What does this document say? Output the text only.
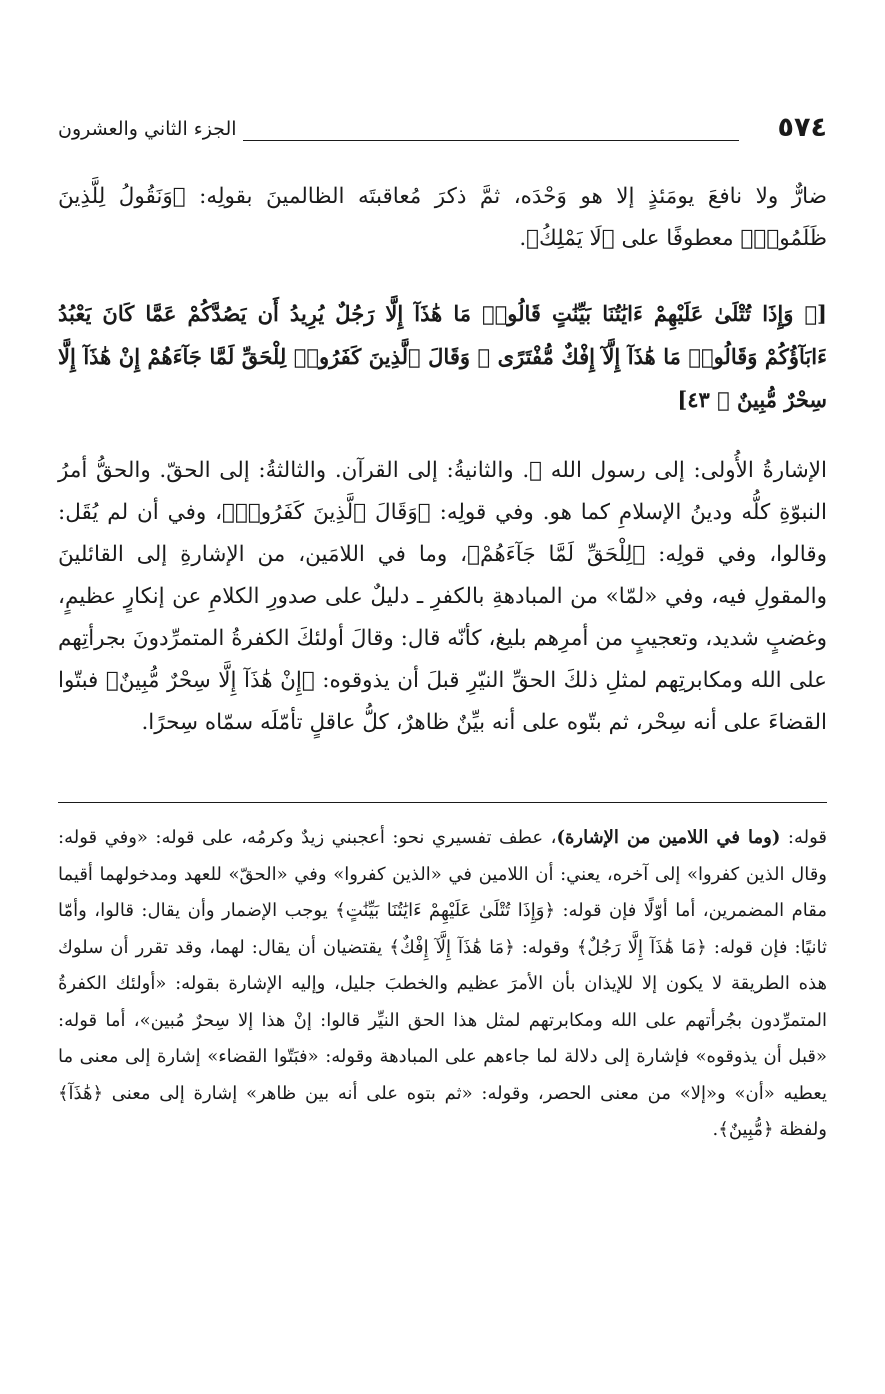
٥٧٤
الجزء الثاني والعشرون

ضارٌّ ولا نافعَ يومَئذٍ إلا هو وَحْدَه، ثمَّ ذكرَ مُعاقبتَه الظالمينَ بقولِه: ﴿وَنَقُولُ لِلَّذِينَ ظَلَمُوا۟﴾ معطوفًا على ﴿لَا يَمْلِكُ﴾.

[﴿ وَإِذَا تُتْلَىٰ عَلَيْهِمْ ءَايَٰتُنَا بَيِّنَٰتٍ قَالُوا۟ مَا هَٰذَآ إِلَّا رَجُلٌ يُرِيدُ أَن يَصُدَّكُمْ عَمَّا كَانَ يَعْبُدُ ءَابَآؤُكُمْ وَقَالُوا۟ مَا هَٰذَآ إِلَّآ إِفْكٌ مُّفْتَرًى ۚ وَقَالَ ٱلَّذِينَ كَفَرُوا۟ لِلْحَقِّ لَمَّا جَآءَهُمْ إِنْ هَٰذَآ إِلَّا سِحْرٌ مُّبِينٌ ﴾ ٤٣]

الإشارةُ الأُولى: إلى رسول الله ﷺ. والثانيةُ: إلى القرآن. والثالثةُ: إلى الحقّ. والحقُّ أمرُ النبوّةِ كلُّه ودينُ الإسلامِ كما هو. وفي قولِه: ﴿وَقَالَ ٱلَّذِينَ كَفَرُوا۟﴾، وفي أن لم يُقَل: وقالوا، وفي قولِه: ﴿لِلْحَقِّ لَمَّا جَآءَهُمْ﴾، وما في اللامَين، من الإشارةِ إلى القائلينَ والمقولِ فيه، وفي «لمّا» من المبادهةِ بالكفرِ ـ دليلٌ على صدورِ الكلامِ عن إنكارٍ عظيمٍ، وغضبٍ شديد، وتعجيبٍ من أمرِهم بليغ، كأنّه قال: وقالَ أولئكَ الكفرةُ المتمرِّدونَ بجرأتِهم على الله ومكابرتِهم لمثلِ ذلكَ الحقِّ النيّرِ قبلَ أن يذوقوه: ﴿إِنْ هَٰذَآ إِلَّا سِحْرٌ مُّبِينٌ﴾ فبتّوا القضاءَ على أنه سِحْر، ثم بتّوه على أنه بيِّنٌ ظاهرٌ، كلُّ عاقلٍ تأمّلَه سمّاه سِحرًا.

قوله: (وما في اللامين من الإشارة)، عطف تفسيري نحو: أعجبني زيدٌ وكرمُه، على قوله: «وفي قوله: وقال الذين كفروا» إلى آخره، يعني: أن اللامين في «الذين كفروا» وفي «الحقّ» للعهد ومدخولهما أقيما مقام المضمرين، أما أوّلًا فإن قوله: ﴿وَإِذَا تُتْلَىٰ عَلَيْهِمْ ءَايَٰتُنَا بَيِّنَٰتٍ﴾ يوجب الإضمار وأن يقال: قالوا، وأمّا ثانيًا: فإن قوله: ﴿مَا هَٰذَآ إِلَّا رَجُلٌ﴾ وقوله: ﴿مَا هَٰذَآ إِلَّآ إِفْكٌ﴾ يقتضيان أن يقال: لهما، وقد تقرر أن سلوك هذه الطريقة لا يكون إلا للإيذان بأن الأمرَ عظيم والخطبَ جليل، وإليه الإشارة بقوله: «أولئك الكفرةُ المتمرِّدون بجُرأتهم على الله ومكابرتهم لمثل هذا الحق النيِّر قالوا: إنْ هذا إلا سِحرٌ مُبين»، أما قوله: «قبل أن يذوقوه» فإشارة إلى دلالة لما جاءهم على المبادهة وقوله: «فبَتّوا القضاء» إشارة إلى معنى ما يعطيه «أن» و«إلا» من معنى الحصر، وقوله: «ثم بتوه على أنه بين ظاهر» إشارة إلى معنى ﴿هَٰذَآ﴾ ولفظة ﴿مُّبِينٌ﴾.
